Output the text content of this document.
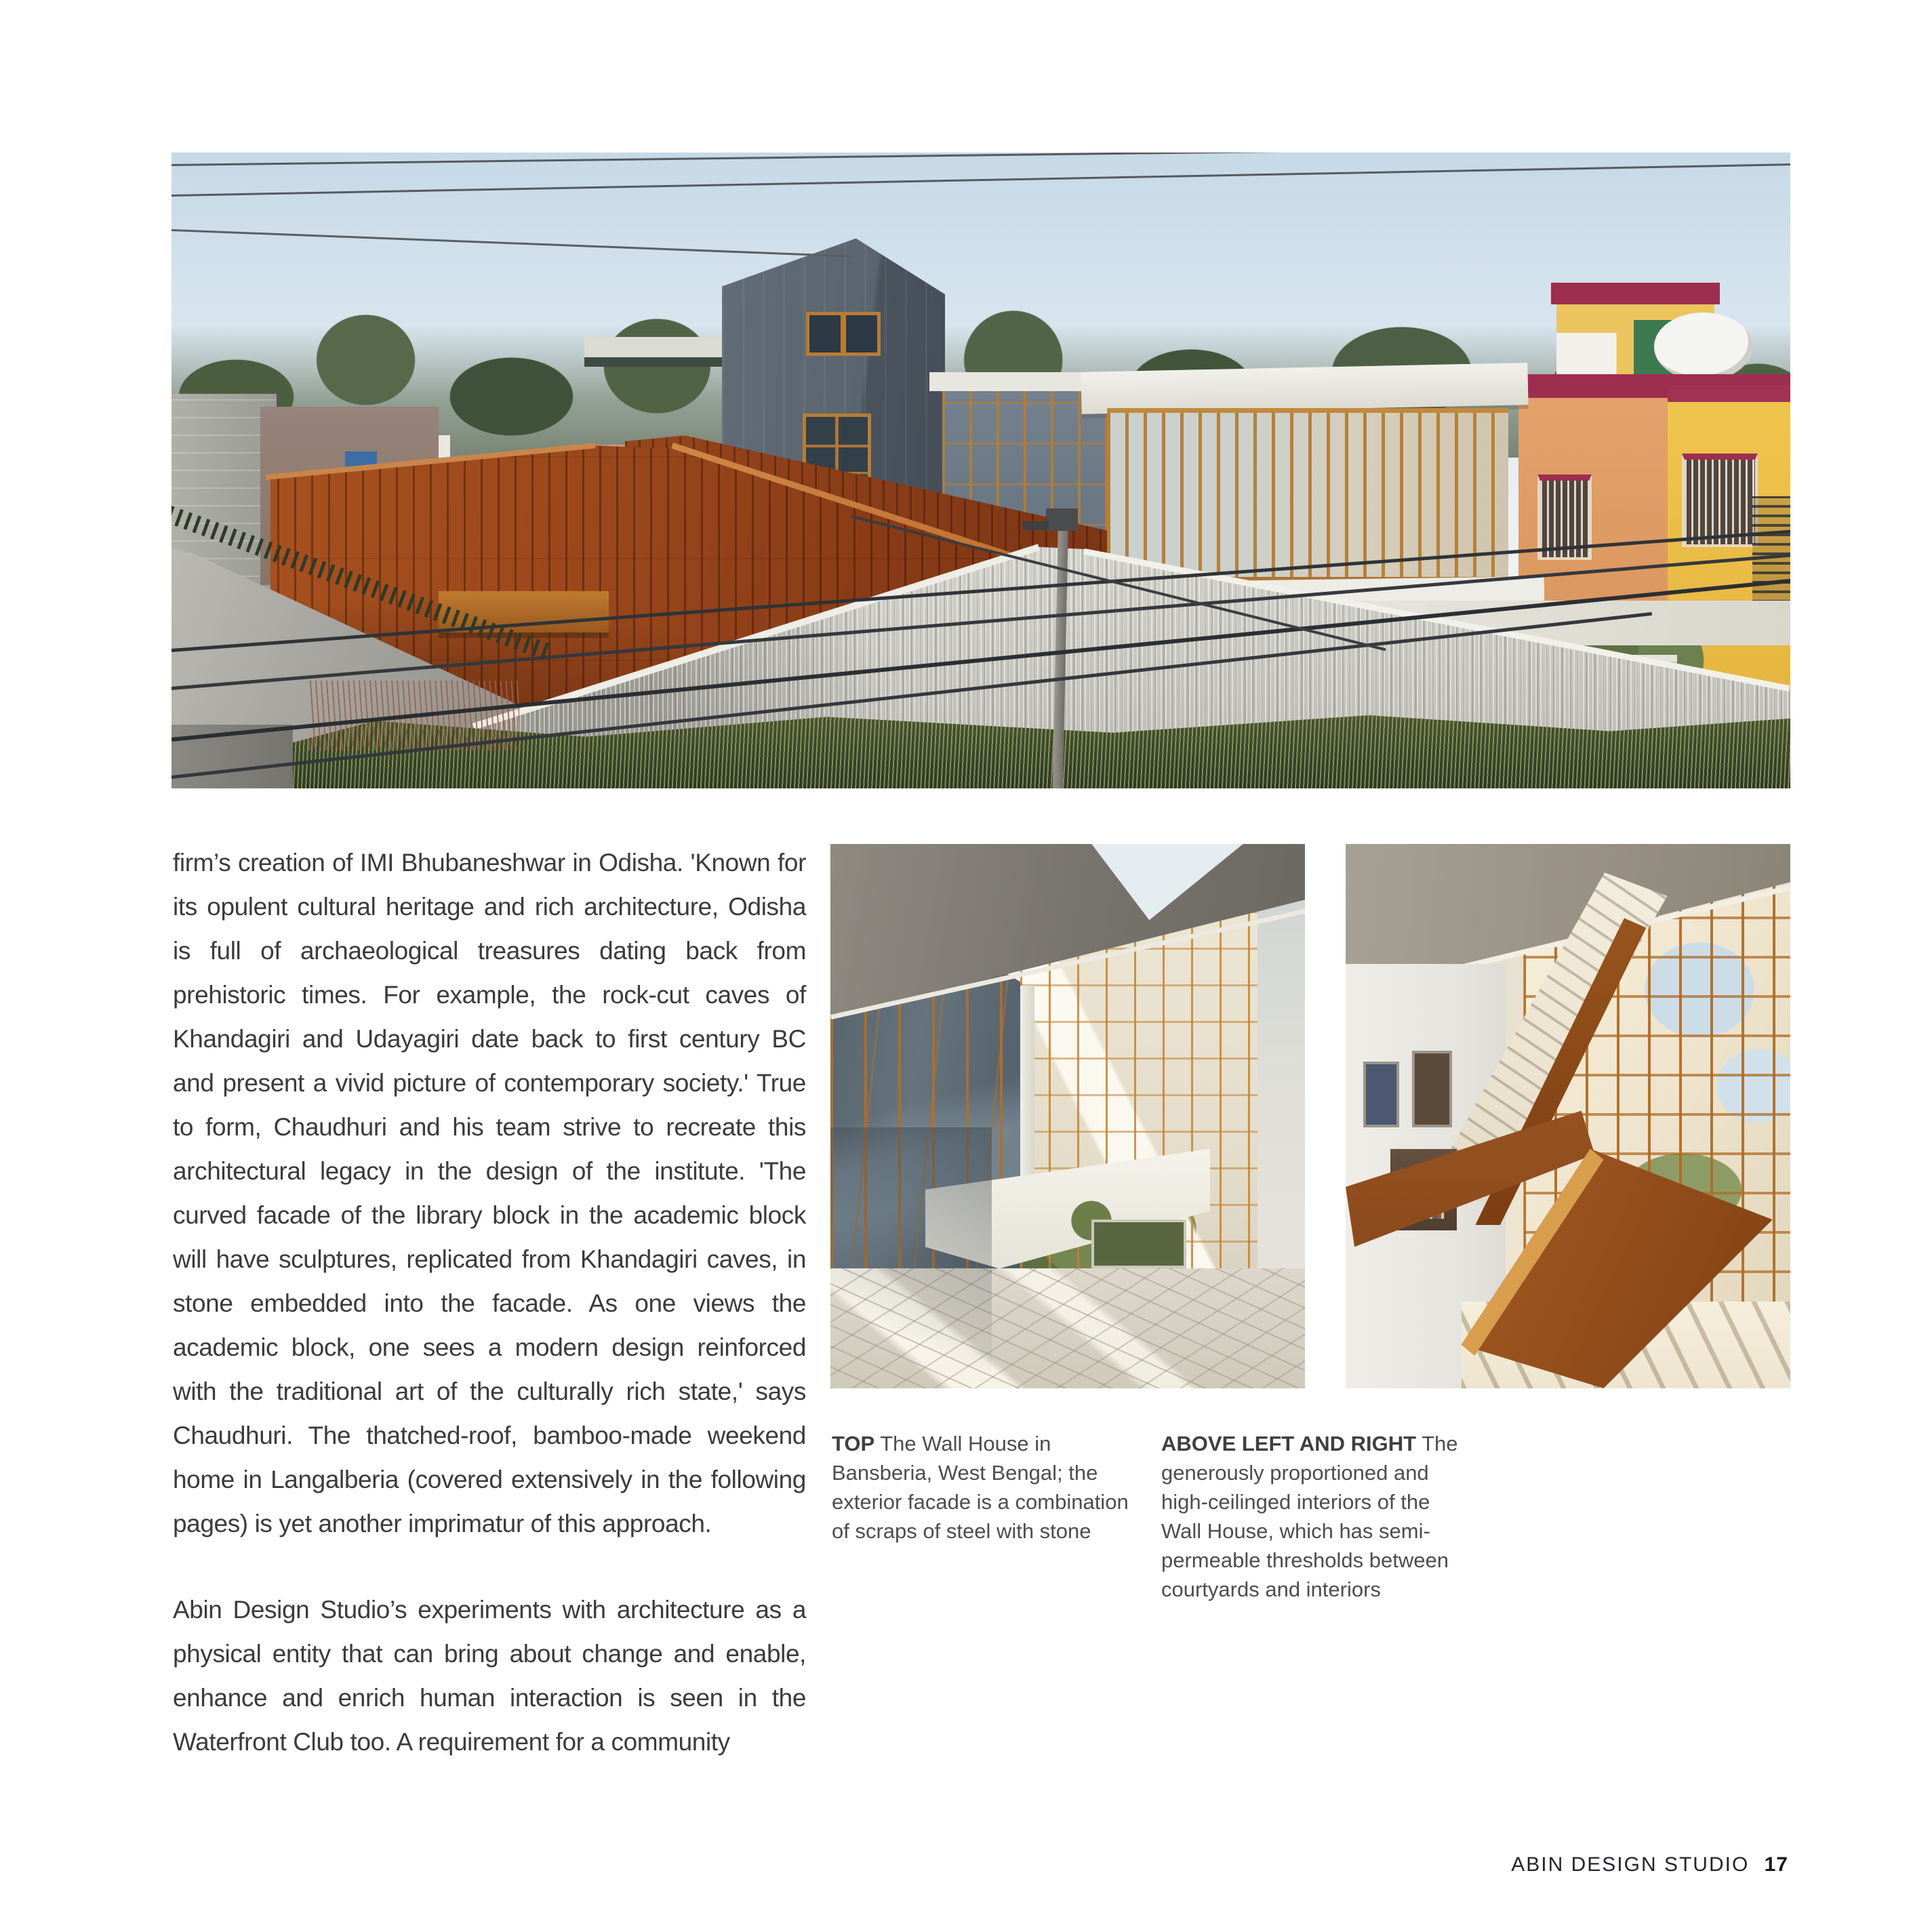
firm’s creation of IMI Bhubaneshwar in Odisha. 'Known for its opulent cultural heritage and rich architecture, Odisha is full of archaeological treasures dating back from prehistoric times. For example, the rock-cut caves of Khandagiri and Udayagiri date back to first century BC and present a vivid picture of contemporary society.' True to form, Chaudhuri and his team strive to recreate this architectural legacy in the design of the institute. 'The curved facade of the library block in the academic block will have sculptures, replicated from Khandagiri caves, in stone embedded into the facade. As one views the academic block, one sees a modern design reinforced with the traditional art of the culturally rich state,' says Chaudhuri. The thatched-roof, bamboo-made weekend home in Langalberia (covered extensively in the following pages) is yet another imprimatur of this approach.

Abin Design Studio’s experiments with architecture as a physical entity that can bring about change and enable, enhance and enrich human interaction is seen in the Waterfront Club too. A requirement for a community

TOP The Wall House in Bansberia, West Bengal; the exterior facade is a combination of scraps of steel with stone
ABOVE LEFT AND RIGHT The generously proportioned and high-ceilinged interiors of the Wall House, which has semi-permeable thresholds between courtyards and interiors
ABIN DESIGN STUDIO 17
